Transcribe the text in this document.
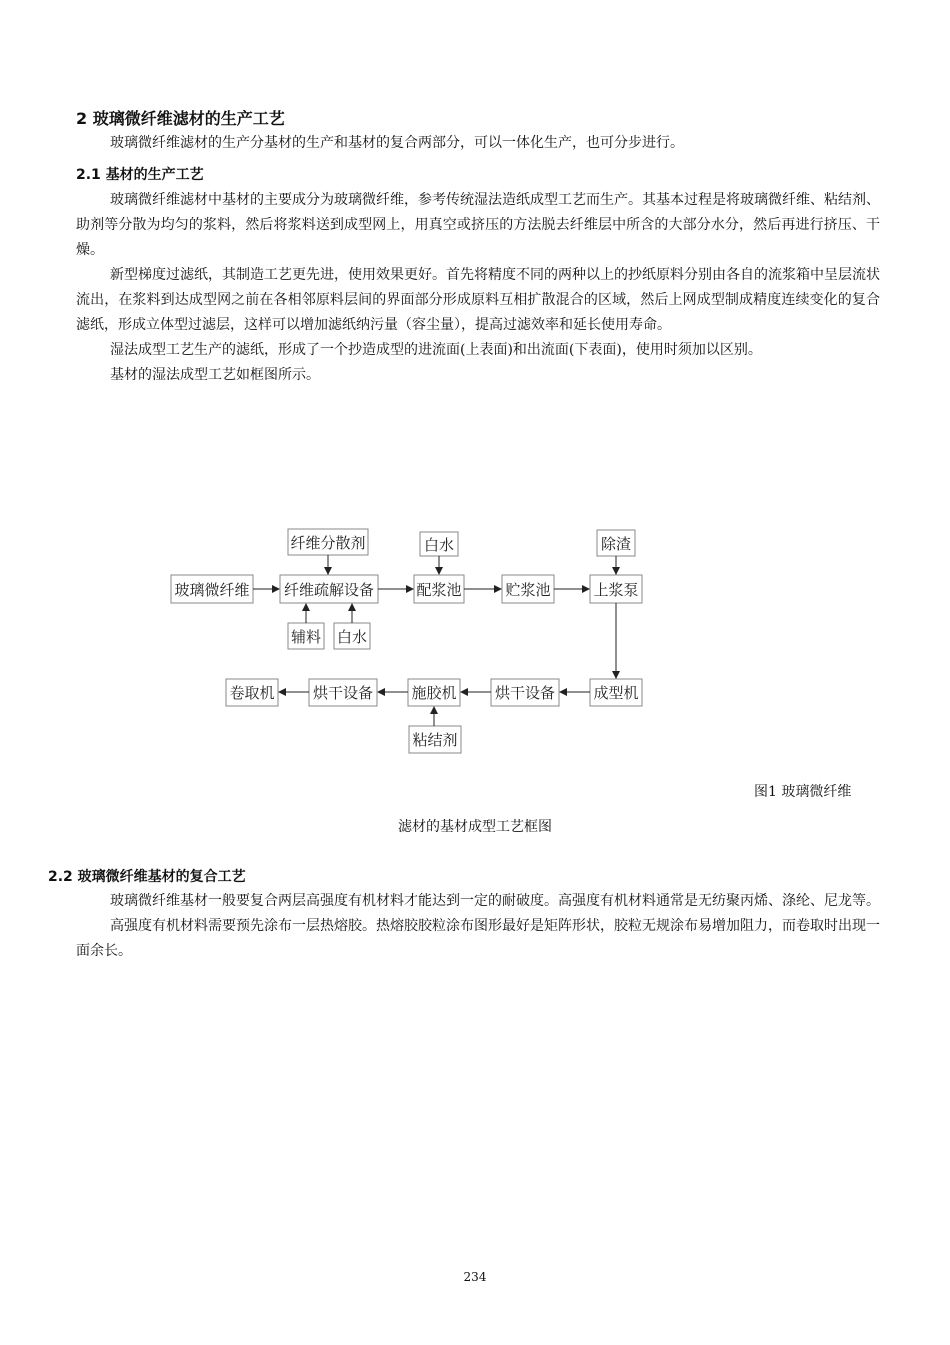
2 玻璃微纤维滤材的生产工艺

玻璃微纤维滤材的生产分基材的生产和基材的复合两部分，可以一体化生产，也可分步进行。

2.1 基材的生产工艺

玻璃微纤维滤材中基材的主要成分为玻璃微纤维，参考传统湿法造纸成型工艺而生产。其基本过程是将玻璃微纤维、粘结剂、助剂等分散为均匀的浆料，然后将浆料送到成型网上，用真空或挤压的方法脱去纤维层中所含的大部分水分，然后再进行挤压、干燥。

新型梯度过滤纸，其制造工艺更先进，使用效果更好。首先将精度不同的两种以上的抄纸原料分别由各自的流浆箱中呈层流状流出，在浆料到达成型网之前在各相邻原料层间的界面部分形成原料互相扩散混合的区域，然后上网成型制成精度连续变化的复合滤纸，形成立体型过滤层，这样可以增加滤纸纳污量（容尘量），提高过滤效率和延长使用寿命。

湿法成型工艺生产的滤纸，形成了一个抄造成型的进流面(上表面)和出流面(下表面)，使用时须加以区别。

基材的湿法成型工艺如框图所示。

纤维分散剂	白水	除渣
玻璃微纤维 纤维疏解设备	配浆池	贮浆池	上浆泵
辅料 白水
卷取机	烘干设备	施胶机	烘干设备	成型机
粘结剂

图1 玻璃微纤维

滤材的基材成型工艺框图

2.2 玻璃微纤维基材的复合工艺

玻璃微纤维基材一般要复合两层高强度有机材料才能达到一定的耐破度。高强度有机材料通常是无纺聚丙烯、涤纶、尼龙等。

高强度有机材料需要预先涂布一层热熔胶。热熔胶胶粒涂布图形最好是矩阵形状，胶粒无规涂布易增加阻力，而卷取时出现一面余长。

234
